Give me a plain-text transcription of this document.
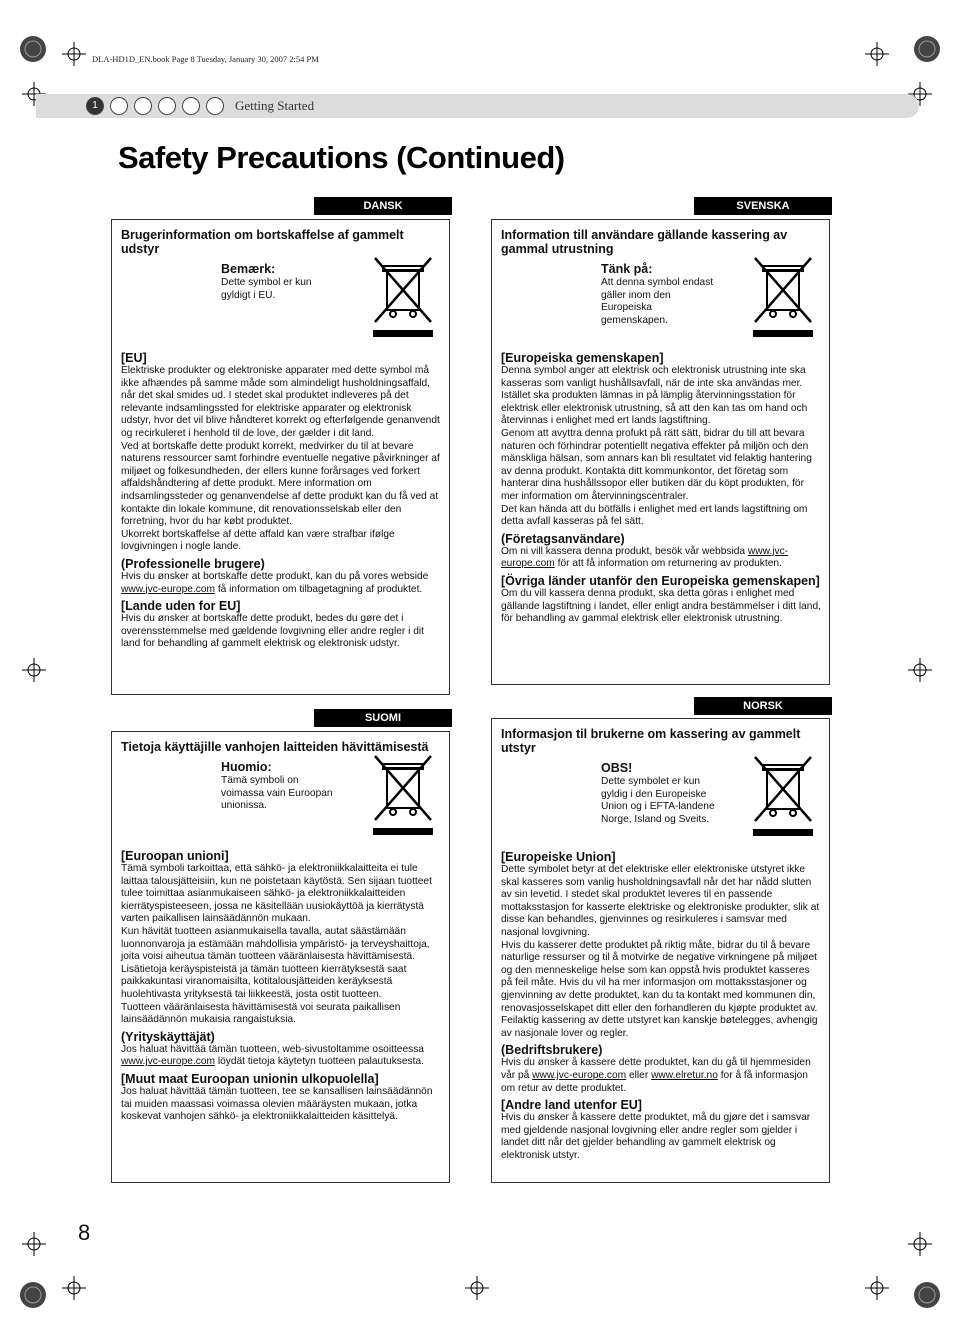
DLA-HD1D_EN.book Page 8 Tuesday, January 30, 2007 2:54 PM
1	Getting Started
Safety Precautions (Continued)
DANSK
Brugerinformation om bortskaffelse af gammelt udstyr
Bemærk:
Dette symbol er kun gyldigt i EU.
[EU]
Elektriske produkter og elektroniske apparater med dette symbol må ikke afhændes på samme måde som almindeligt husholdningsaffald, når det skal smides ud. I stedet skal produktet indleveres på det relevante indsamlingssted for elektriske apparater og elektronisk udstyr, hvor det vil blive håndteret korrekt og efterfølgende genanvendt og recirkuleret i henhold til de love, der gælder i dit land.
Ved at bortskaffe dette produkt korrekt, medvirker du til at bevare naturens ressourcer samt forhindre eventuelle negative påvirkninger af miljøet og folkesundheden, der ellers kunne forårsages ved forkert affaldshåndtering af dette produkt. Mere information om indsamlingssteder og genanvendelse af dette produkt kan du få ved at kontakte din lokale kommune, dit renovationsselskab eller den forretning, hvor du har købt produktet.
Ukorrekt bortskaffelse af dette affald kan være strafbar ifølge lovgivningen i nogle lande.
(Professionelle brugere)
Hvis du ønsker at bortskaffe dette produkt, kan du på vores webside www.jvc-europe.com få information om tilbagetagning af produktet.
[Lande uden for EU]
Hvis du ønsker at bortskaffe dette produkt, bedes du gøre det i overensstemmelse med gældende lovgivning eller andre regler i dit land for behandling af gammelt elektrisk og elektronisk udstyr.
SVENSKA
Information till användare gällande kassering av gammal utrustning
Tänk på:
Att denna symbol endast gäller inom den Europeiska gemenskapen.
[Europeiska gemenskapen]
Denna symbol anger att elektrisk och elektronisk utrustning inte ska kasseras som vanligt hushållsavfall, när de inte ska användas mer. Istället ska produkten lämnas in på lämplig återvinningsstation för elektrisk eller elektronisk utrustning, så att den kan tas om hand och återvinnas i enlighet med ert lands lagstiftning.
Genom att avyttra denna profukt på rätt sätt, bidrar du till att bevara naturen och förhindrar potentiellt negativa effekter på miljön och den mänskliga hälsan, som annars kan bli resultatet vid felaktig hantering av denna produkt. Kontakta ditt kommunkontor, det företag som hanterar dina hushållssopor eller butiken där du köpt produkten, för mer information om återvinningscentraler.
Det kan hända att du bötfälls i enlighet med ert lands lagstiftning om detta avfall kasseras på fel sätt.
(Företagsanvändare)
Om ni vill kassera denna produkt, besök vår webbsida www.jvc-europe.com för att få information om returnering av produkten.
[Övriga länder utanför den Europeiska gemenskapen]
Om du vill kassera denna produkt, ska detta göras i enlighet med gällande lagstiftning i landet, eller enligt andra bestämmelser i ditt land, för behandling av gammal elektrisk eller elektronisk utrustning.
SUOMI
Tietoja käyttäjille vanhojen laitteiden hävittämisestä
Huomio:
Tämä symboli on voimassa vain Euroopan unionissa.
[Euroopan unioni]
Tämä symboli tarkoittaa, että sähkö- ja elektroniikkalaitteita ei tule laittaa talousjätteisiin, kun ne poistetaan käytöstä. Sen sijaan tuotteet tulee toimittaa asianmukaiseen sähkö- ja elektroniikkalaitteiden kierrätyspisteeseen, jossa ne käsitellään uusiokäyttöä ja kierrätystä varten paikallisen lainsäädännön mukaan.
Kun hävität tuotteen asianmukaisella tavalla, autat säästämään luonnonvaroja ja estämään mahdollisia ympäristö- ja terveyshaittoja, joita voisi aiheutua tämän tuotteen vääränlaisesta hävittämisestä. Lisätietoja keräyspisteistä ja tämän tuotteen kierrätyksestä saat paikkakuntasi viranomaisilta, kotitalousjätteiden keräyksestä huolehtivasta yrityksestä tai liikkeestä, josta ostit tuotteen.
Tuotteen vääränlaisesta hävittämisestä voi seurata paikallisen lainsäädännön mukaisia rangaistuksia.
(Yrityskäyttäjät)
Jos haluat hävittää tämän tuotteen, web-sivustoltamme osoitteessa www.jvc-europe.com löydät tietoja käytetyn tuotteen palautuksesta.
[Muut maat Euroopan unionin ulkopuolella]
Jos haluat hävittää tämän tuotteen, tee se kansallisen lainsäädännön tai muiden maassasi voimassa olevien määräysten mukaan, jotka koskevat vanhojen sähkö- ja elektroniikkalaitteiden käsittelyä.
NORSK
Informasjon til brukerne om kassering av gammelt utstyr
OBS!
Dette symbolet er kun gyldig i den Europeiske Union og i EFTA-landene Norge, Island og Sveits.
[Europeiske Union]
Dette symbolet betyr at det elektriske eller elektroniske utstyret ikke skal kasseres som vanlig husholdningsavfall når det har nådd slutten av sin levetid. I stedet skal produktet leveres til en passende mottaksstasjon for kasserte elektriske og elektroniske produkter, slik at disse kan behandles, gjenvinnes og resirkuleres i samsvar med nasjonal lovgivning.
Hvis du kasserer dette produktet på riktig måte, bidrar du til å bevare naturlige ressurser og til å motvirke de negative virkningene på miljøet og den menneskelige helse som kan oppstå hvis produktet kasseres på feil måte. Hvis du vil ha mer informasjon om mottaksstasjoner og gjenvinning av dette produktet, kan du ta kontakt med kommunen din, renovasjosselskapet ditt eller den forhandleren du kjøpte produktet av.
Feilaktig kassering av dette utstyret kan kanskje bøtelegges, avhengig av nasjonale lover og regler.
(Bedriftsbrukere)
Hvis du ønsker å kassere dette produktet, kan du gå til hjemmesiden vår på www.jvc-europe.com eller www.elretur.no for å få informasjon om retur av dette produktet.
[Andre land utenfor EU]
Hvis du ønsker å kassere dette produktet, må du gjøre det i samsvar med gjeldende nasjonal lovgivning eller andre regler som gjelder i landet ditt når det gjelder behandling av gammelt elektrisk og elektronisk utstyr.
8
